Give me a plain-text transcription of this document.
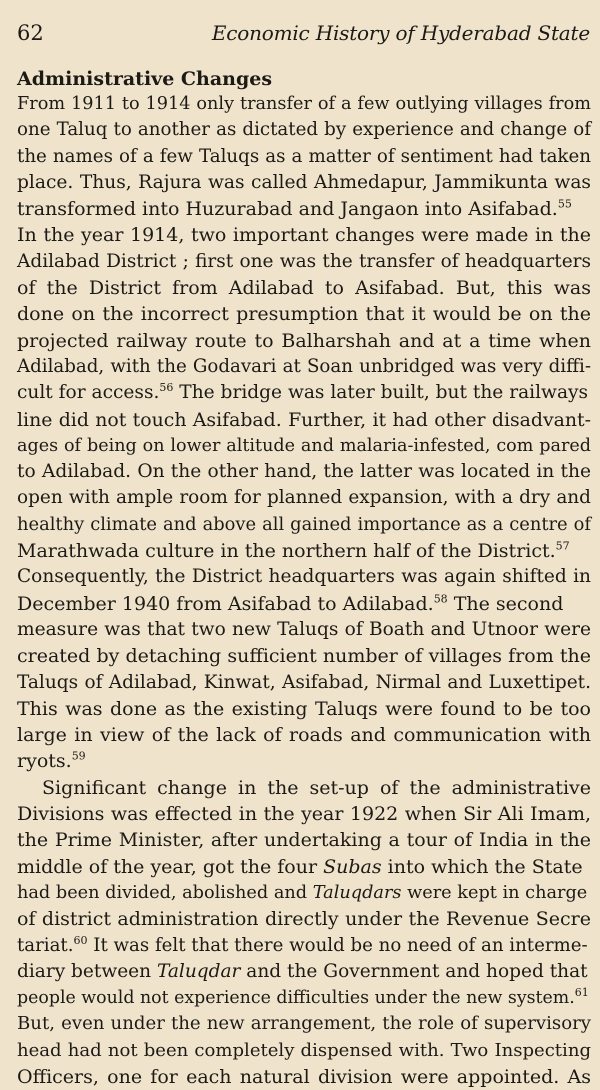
62	Economic History of Hyderabad State
Administrative Changes
From 1911 to 1914 only transfer of a few outlying villages from
one Taluq to another as dictated by experience and change of
the names of a few Taluqs as a matter of sentiment had taken
place. Thus, Rajura was called Ahmedapur, Jammikunta was
transformed into Huzurabad and Jangaon into Asifabad.$^{55}$
In the year 1914, two important changes were made in the
Adilabad District ; first one was the transfer of headquarters
of the District from Adilabad to Asifabad. But, this was
done on the incorrect presumption that it would be on the
projected railway route to Balharshah and at a time when
Adilabad, with the Godavari at Soan unbridged was very diffi-
cult for access.$^{56}$ The bridge was later built, but the railways
line did not touch Asifabad. Further, it had other disadvant-
ages of being on lower altitude and malaria-infested, com pared
to Adilabad. On the other hand, the latter was located in the
open with ample room for planned expansion, with a dry and
healthy climate and above all gained importance as a centre of
Marathwada culture in the northern half of the District.$^{57}$
Consequently, the District headquarters was again shifted in
December 1940 from Asifabad to Adilabad.$^{58}$ The second
measure was that two new Taluqs of Boath and Utnoor were
created by detaching sufficient number of villages from the
Taluqs of Adilabad, Kinwat, Asifabad, Nirmal and Luxettipet.
This was done as the existing Taluqs were found to be too
large in view of the lack of roads and communication with
ryots.$^{59}$
Significant change in the set-up of the administrative
Divisions was effected in the year 1922 when Sir Ali Imam,
the Prime Minister, after undertaking a tour of India in the
middle of the year, got the four Subas into which the State
had been divided, abolished and Taluqdars were kept in charge
of district administration directly under the Revenue Secre
tariat.$^{60}$ It was felt that there would be no need of an interme-
diary between Taluqdar and the Government and hoped that
people would not experience difficulties under the new system.$^{61}$
But, even under the new arrangement, the role of supervisory
head had not been completely dispensed with. Two Inspecting
Officers, one for each natural division were appointed. As
